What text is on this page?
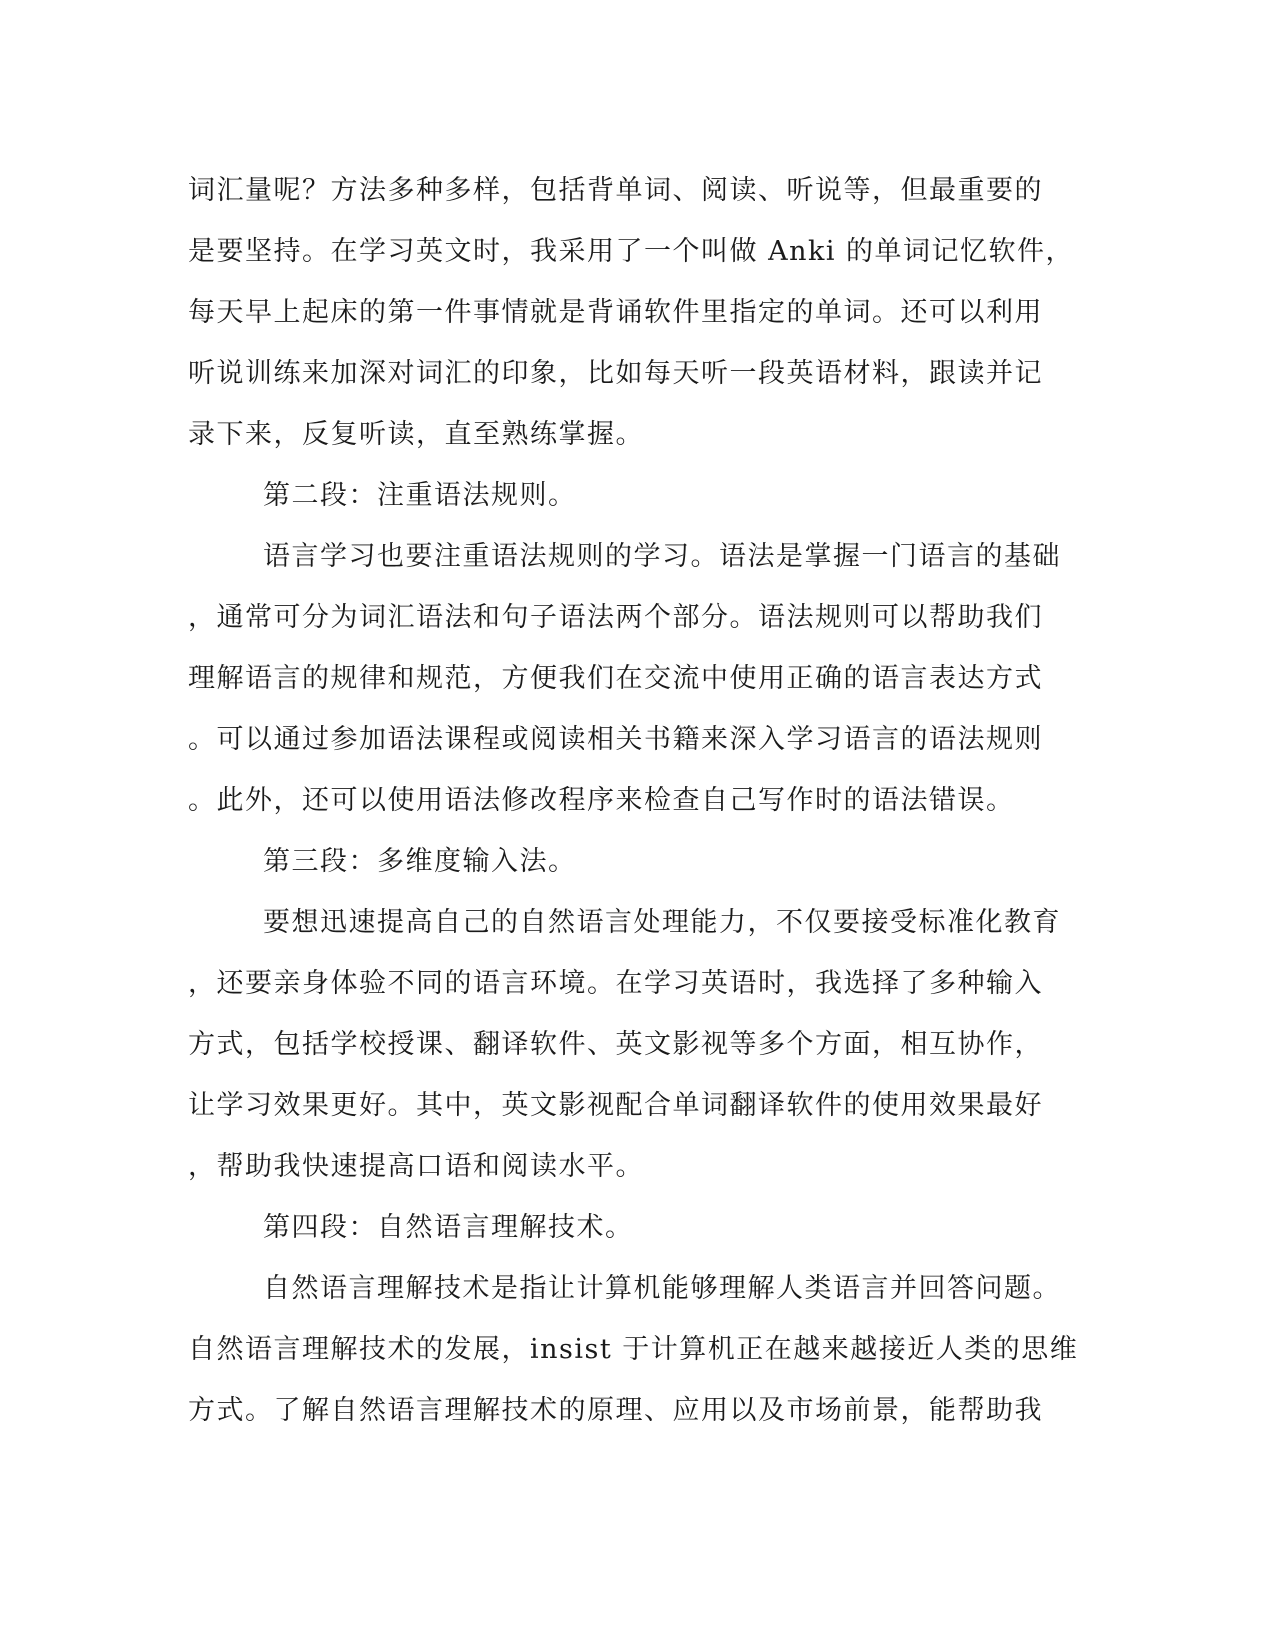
词汇量呢？方法多种多样，包括背单词、阅读、听说等，但最重要的
是要坚持。在学习英文时，我采用了一个叫做 Anki 的单词记忆软件，
每天早上起床的第一件事情就是背诵软件里指定的单词。还可以利用
听说训练来加深对词汇的印象，比如每天听一段英语材料，跟读并记
录下来，反复听读，直至熟练掌握。
第二段：注重语法规则。
语言学习也要注重语法规则的学习。语法是掌握一门语言的基础
，通常可分为词汇语法和句子语法两个部分。语法规则可以帮助我们
理解语言的规律和规范，方便我们在交流中使用正确的语言表达方式
。可以通过参加语法课程或阅读相关书籍来深入学习语言的语法规则
。此外，还可以使用语法修改程序来检查自己写作时的语法错误。
第三段：多维度输入法。
要想迅速提高自己的自然语言处理能力，不仅要接受标准化教育
，还要亲身体验不同的语言环境。在学习英语时，我选择了多种输入
方式，包括学校授课、翻译软件、英文影视等多个方面，相互协作，
让学习效果更好。其中，英文影视配合单词翻译软件的使用效果最好
，帮助我快速提高口语和阅读水平。
第四段：自然语言理解技术。
自然语言理解技术是指让计算机能够理解人类语言并回答问题。
自然语言理解技术的发展，insist 于计算机正在越来越接近人类的思维
方式。了解自然语言理解技术的原理、应用以及市场前景，能帮助我
